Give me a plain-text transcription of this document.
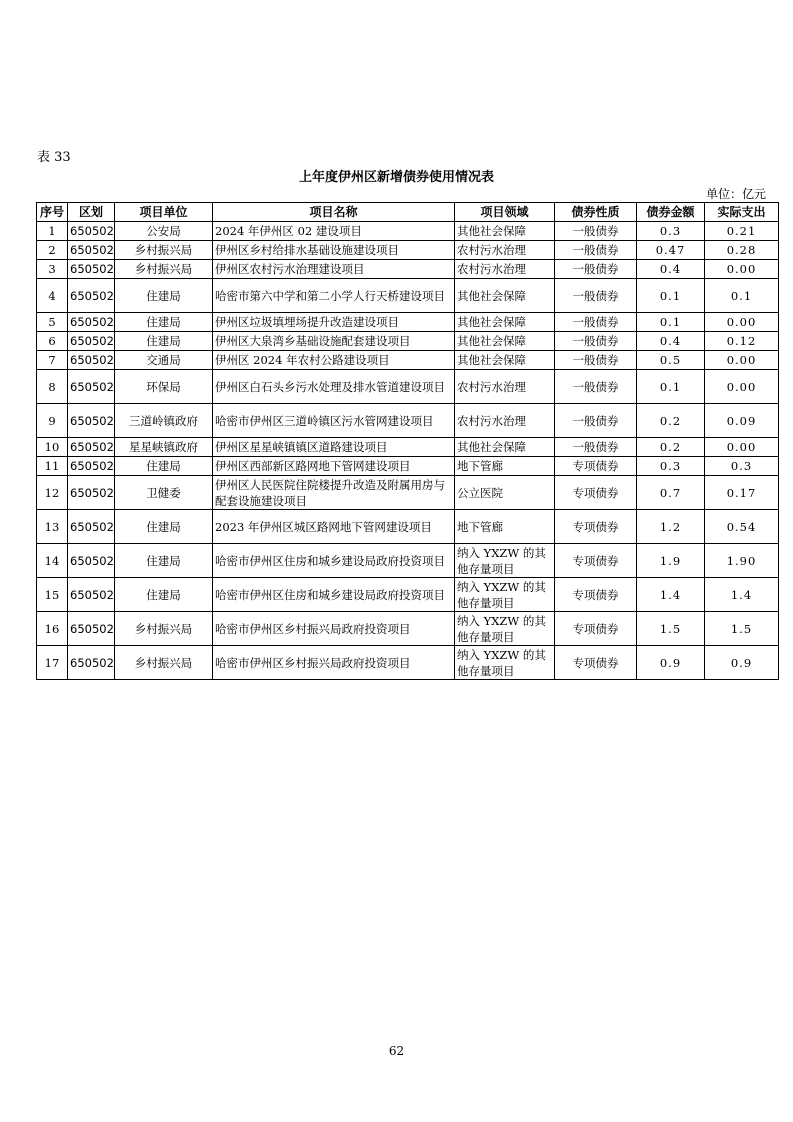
表 33
上年度伊州区新增债券使用情况表
单位：亿元
序号	区划	项目单位	项目名称	项目领域	债券性质	债券金额	实际支出
1	650502	公安局	2024 年伊州区 02 建设项目	其他社会保障	一般债券	0.3	0.21
2	650502	乡村振兴局	伊州区乡村给排水基础设施建设项目	农村污水治理	一般债券	0.47	0.28
3	650502	乡村振兴局	伊州区农村污水治理建设项目	农村污水治理	一般债券	0.4	0.00
4	650502	住建局	哈密市第六中学和第二小学人行天桥建设项目	其他社会保障	一般债券	0.1	0.1
5	650502	住建局	伊州区垃圾填埋场提升改造建设项目	其他社会保障	一般债券	0.1	0.00
6	650502	住建局	伊州区大泉湾乡基础设施配套建设项目	其他社会保障	一般债券	0.4	0.12
7	650502	交通局	伊州区 2024 年农村公路建设项目	其他社会保障	一般债券	0.5	0.00
8	650502	环保局	伊州区白石头乡污水处理及排水管道建设项目	农村污水治理	一般债券	0.1	0.00
9	650502	三道岭镇政府	哈密市伊州区三道岭镇区污水管网建设项目	农村污水治理	一般债券	0.2	0.09
10	650502	星星峡镇政府	伊州区星星峡镇镇区道路建设项目	其他社会保障	一般债券	0.2	0.00
11	650502	住建局	伊州区西部新区路网地下管网建设项目	地下管廊	专项债券	0.3	0.3
12	650502	卫健委	伊州区人民医院住院楼提升改造及附属用房与配套设施建设项目	公立医院	专项债券	0.7	0.17
13	650502	住建局	2023 年伊州区城区路网地下管网建设项目	地下管廊	专项债券	1.2	0.54
14	650502	住建局	哈密市伊州区住房和城乡建设局政府投资项目	纳入 YXZW 的其他存量项目	专项债券	1.9	1.90
15	650502	住建局	哈密市伊州区住房和城乡建设局政府投资项目	纳入 YXZW 的其他存量项目	专项债券	1.4	1.4
16	650502	乡村振兴局	哈密市伊州区乡村振兴局政府投资项目	纳入 YXZW 的其他存量项目	专项债券	1.5	1.5
17	650502	乡村振兴局	哈密市伊州区乡村振兴局政府投资项目	纳入 YXZW 的其他存量项目	专项债券	0.9	0.9
62
